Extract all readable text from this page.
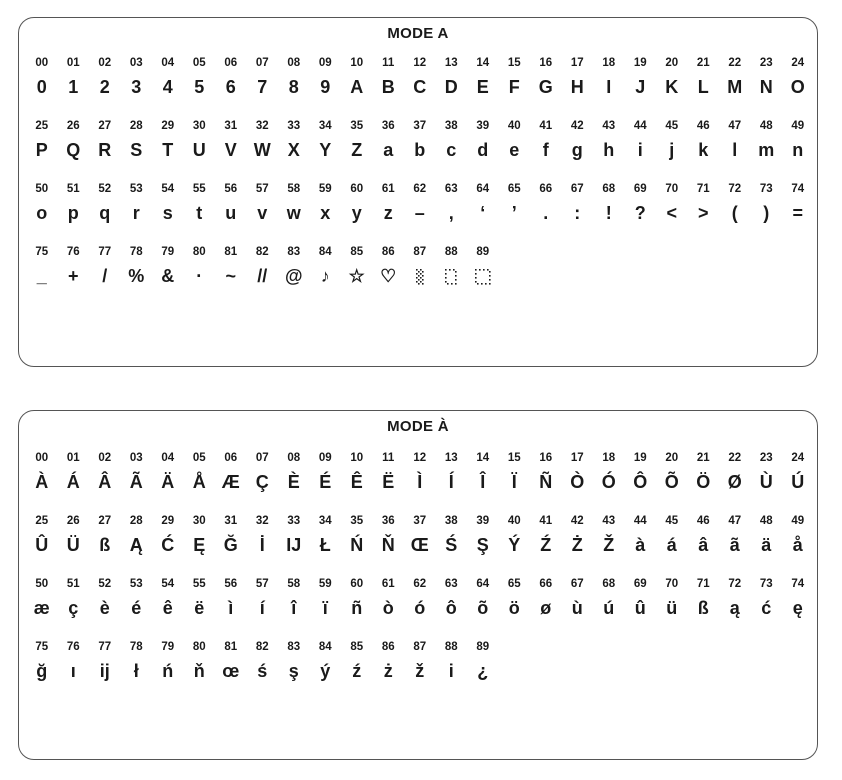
MODE A
00
0
01
1
02
2
03
3
04
4
05
5
06
6
07
7
08
8
09
9
10
A
11
B
12
C
13
D
14
E
15
F
16
G
17
H
18
I
19
J
20
K
21
L
22
M
23
N
24
O
25
P
26
Q
27
R
28
S
29
T
30
U
31
V
32
W
33
X
34
Y
35
Z
36
a
37
b
38
c
39
d
40
e
41
f
42
g
43
h
44
i
45
j
46
k
47
l
48
m
49
n
50
o
51
p
52
q
53
r
54
s
55
t
56
u
57
v
58
w
59
x
60
y
61
z
62
–
63
,
64
‘
65
’
66
.
67
:
68
!
69
?
70
<
71
>
72
(
73
)
74
=
75
_
76
+
77
/
78
%
79
&
80
·
81
~
82
//
83
@
84
♪
85
☆
86
♡
87	88	89
MODE À
00
À
01
Á
02
Â
03
Ã
04
Ä
05
Å
06
Æ
07
Ç
08
È
09
É
10
Ê
11
Ë
12
Ì
13
Í
14
Î
15
Ï
16
Ñ
17
Ò
18
Ó
19
Ô
20
Õ
21
Ö
22
Ø
23
Ù
24
Ú
25
Û
26
Ü
27
ß
28
Ą
29
Ć
30
Ę
31
Ğ
32
İ
33
IJ
34
Ł
35
Ń
36
Ň
37
Œ
38
Ś
39
Ş
40
Ý
41
Ź
42
Ż
43
Ž
44
à
45
á
46
â
47
ã
48
ä
49
å
50
æ
51
ç
52
è
53
é
54
ê
55
ë
56
ì
57
í
58
î
59
ï
60
ñ
61
ò
62
ó
63
ô
64
õ
65
ö
66
ø
67
ù
68
ú
69
û
70
ü
71
ß
72
ą
73
ć
74
ę
75
ğ
76
ı
77
ij
78
ł
79
ń
80
ň
81
œ
82
ś
83
ş
84
ý
85
ź
86
ż
87
ž
88
i
89
¿
